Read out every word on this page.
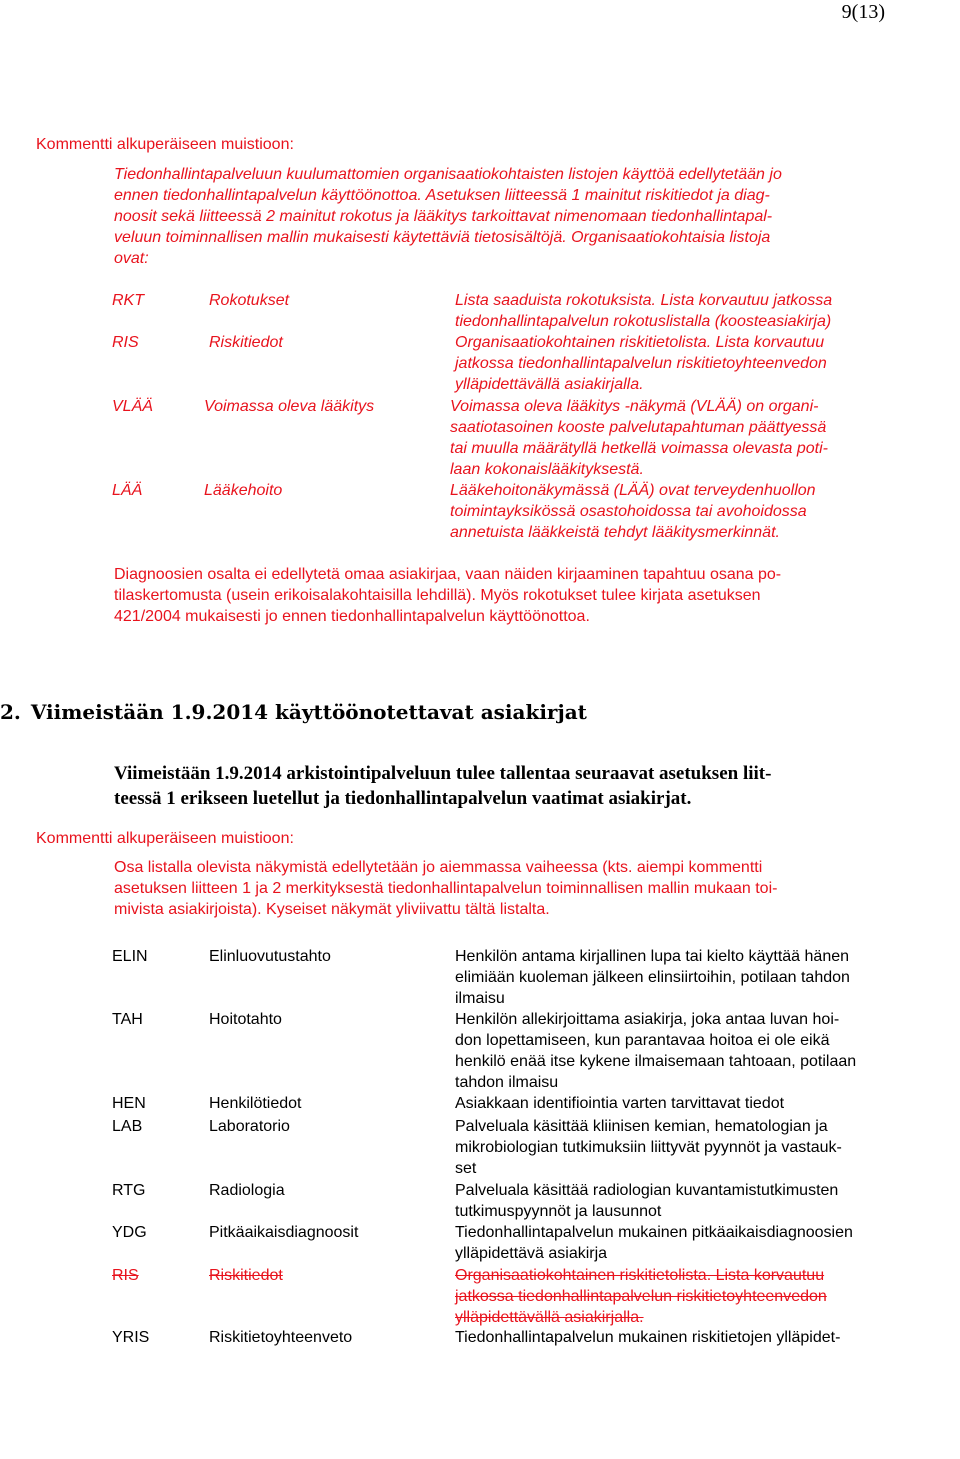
9(13)
Kommentti alkuperäiseen muistioon:
Tiedonhallintapalveluun kuulumattomien organisaatiokohtaisten listojen käyttöä edellytetään jo
ennen tiedonhallintapalvelun käyttöönottoa. Asetuksen liitteessä 1 mainitut riskitiedot ja diag-
noosit sekä liitteessä 2 mainitut rokotus ja lääkitys tarkoittavat nimenomaan tiedonhallintapal-
veluun toiminnallisen mallin mukaisesti käytettäviä tietosisältöjä. Organisaatiokohtaisia listoja
ovat:
RKT	Rokotukset	Lista saaduista rokotuksista. Lista korvautuu jatkossa
tiedonhallintapalvelun rokotuslistalla (koosteasiakirja)
RIS	Riskitiedot	Organisaatiokohtainen riskitietolista. Lista korvautuu
jatkossa tiedonhallintapalvelun riskitietoyhteenvedon
ylläpidettävällä asiakirjalla.
VLÄÄ	Voimassa oleva lääkitys	Voimassa oleva lääkitys -näkymä (VLÄÄ) on organi-
saatiotasoinen kooste palvelutapahtuman päättyessä
tai muulla määrätyllä hetkellä voimassa olevasta poti-
laan kokonaislääkityksestä.
LÄÄ	Lääkehoito	Lääkehoitonäkymässä (LÄÄ) ovat terveydenhuollon
toimintayksikössä osastohoidossa tai avohoidossa
annetuista lääkkeistä tehdyt lääkitysmerkinnät.
Diagnoosien osalta ei edellytetä omaa asiakirjaa, vaan näiden kirjaaminen tapahtuu osana po-
tilaskertomusta (usein erikoisalakohtaisilla lehdillä). Myös rokotukset tulee kirjata asetuksen
421/2004 mukaisesti jo ennen tiedonhallintapalvelun käyttöönottoa.
2. Viimeistään 1.9.2014 käyttöönotettavat asiakirjat
Viimeistään 1.9.2014 arkistointipalveluun tulee tallentaa seuraavat asetuksen liit-
teessä 1 erikseen luetellut ja tiedonhallintapalvelun vaatimat asiakirjat.
Kommentti alkuperäiseen muistioon:
Osa listalla olevista näkymistä edellytetään jo aiemmassa vaiheessa (kts. aiempi kommentti
asetuksen liitteen 1 ja 2 merkityksestä tiedonhallintapalvelun toiminnallisen mallin mukaan toi-
mivista asiakirjoista). Kyseiset näkymät yliviivattu tältä listalta.
ELIN	Elinluovutustahto	Henkilön antama kirjallinen lupa tai kielto käyttää hänen
elimiään kuoleman jälkeen elinsiirtoihin, potilaan tahdon
ilmaisu
TAH	Hoitotahto	Henkilön allekirjoittama asiakirja, joka antaa luvan hoi-
don lopettamiseen, kun parantavaa hoitoa ei ole eikä
henkilö enää itse kykene ilmaisemaan tahtoaan, potilaan
tahdon ilmaisu
HEN	Henkilötiedot	Asiakkaan identifiointia varten tarvittavat tiedot
LAB	Laboratorio	Palveluala käsittää kliinisen kemian, hematologian ja
mikrobiologian tutkimuksiin liittyvät pyynnöt ja vastauk-
set
RTG	Radiologia	Palveluala käsittää radiologian kuvantamistutkimusten
tutkimuspyynnöt ja lausunnot
YDG	Pitkäaikaisdiagnoosit	Tiedonhallintapalvelun mukainen pitkäaikaisdiagnoosien
ylläpidettävä asiakirja
RIS	Riskitiedot	Organisaatiokohtainen riskitietolista. Lista korvautuu
jatkossa tiedonhallintapalvelun riskitietoyhteenvedon
ylläpidettävällä asiakirjalla.
YRIS	Riskitietoyhteenveto	Tiedonhallintapalvelun mukainen riskitietojen ylläpidet-
